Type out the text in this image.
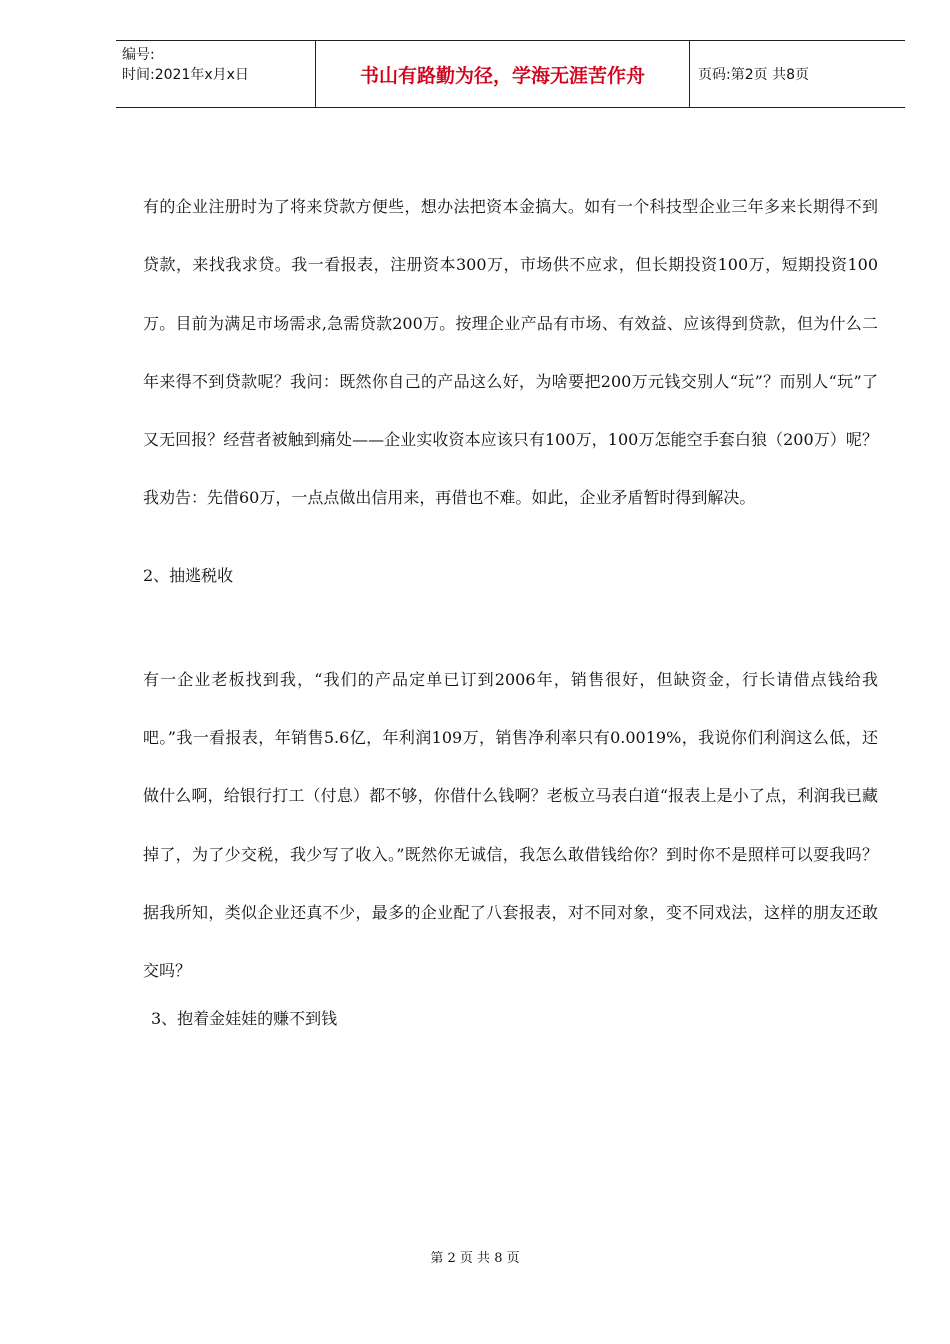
编号:
时间:2021年x月x日	书山有路勤为径，学海无涯苦作舟	页码:第2页 共8页

有的企业注册时为了将来贷款方便些，想办法把资本金搞大。如有一个科技型企业三年多来长期得不到贷款，来找我求贷。我一看报表，注册资本300万，市场供不应求，但长期投资100万，短期投资100万。目前为满足市场需求,急需贷款200万。按理企业产品有市场、有效益、应该得到贷款，但为什么二年来得不到贷款呢？我问：既然你自己的产品这么好，为啥要把200万元钱交别人“玩”？而别人“玩”了又无回报？经营者被触到痛处——企业实收资本应该只有100万，100万怎能空手套白狼（200万）呢？我劝告：先借60万，一点点做出信用来，再借也不难。如此，企业矛盾暂时得到解决。

2、抽逃税收

有一企业老板找到我，“我们的产品定单已订到2006年，销售很好，但缺资金，行长请借点钱给我吧。”我一看报表，年销售5.6亿，年利润109万，销售净利率只有0.0019%，我说你们利润这么低，还做什么啊，给银行打工（付息）都不够，你借什么钱啊？老板立马表白道“报表上是小了点，利润我已藏掉了，为了少交税，我少写了收入。”既然你无诚信，我怎么敢借钱给你？到时你不是照样可以耍我吗？据我所知，类似企业还真不少，最多的企业配了八套报表，对不同对象，变不同戏法，这样的朋友还敢交吗？

3、抱着金娃娃的赚不到钱

第 2 页 共 8 页
